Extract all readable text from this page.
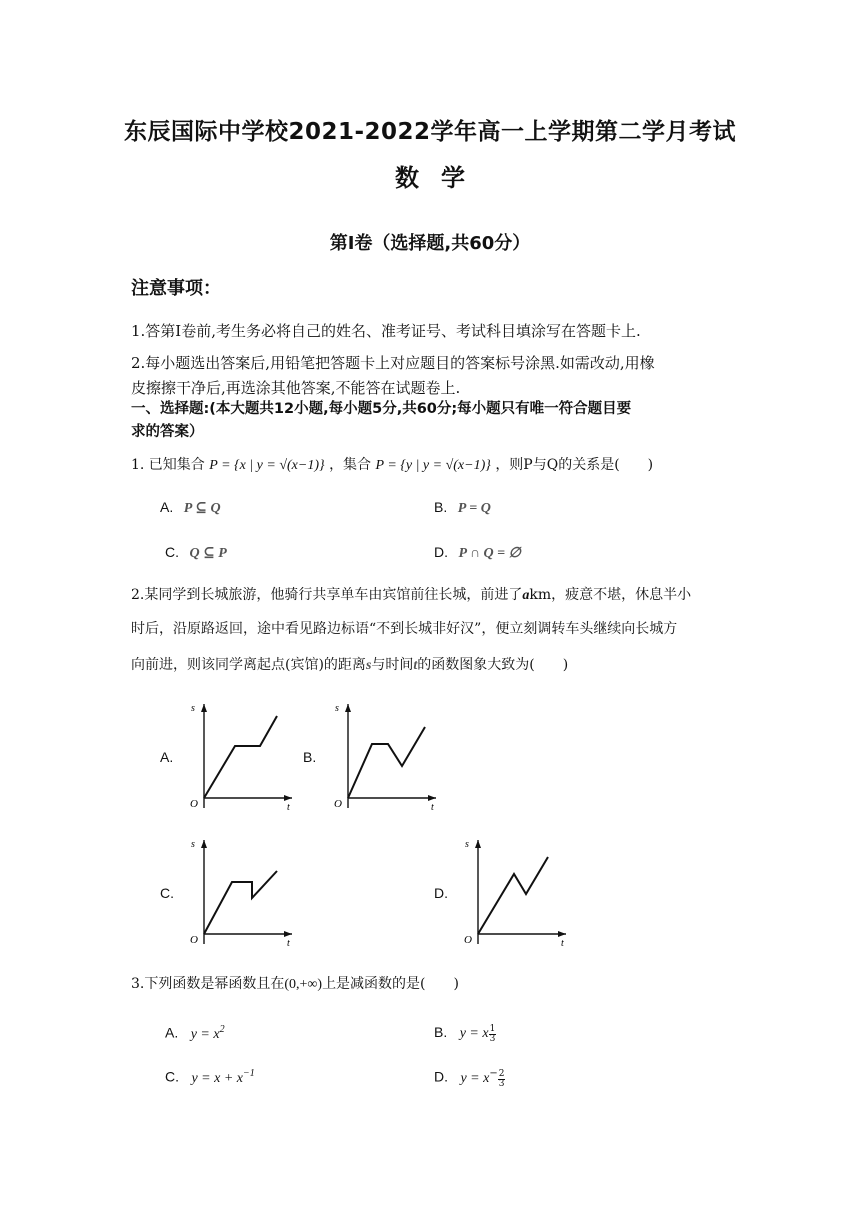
东辰国际中学校2021-2022学年高一上学期第二学月考试
数学
第Ⅰ卷（选择题,共60分）
注意事项：
1.答第Ⅰ卷前,考生务必将自己的姓名、准考证号、考试科目填涂写在答题卡上.
2.每小题选出答案后,用铅笔把答题卡上对应题目的答案标号涂黑.如需改动,用橡
皮擦擦干净后,再选涂其他答案,不能答在试题卷上.
一、选择题:(本大题共12小题,每小题5分,共60分;每小题只有唯一符合题目要
求的答案）
1. 已知集合 P = {x | y = √(x−1)} ，集合 P = {y | y = √(x−1)} ，则P与Q的关系是(　　)
A. P ⊆ Q	B. P = Q
C. Q ⊆ P	D. P ∩ Q = ∅
2.某同学到长城旅游，他骑行共享单车由宾馆前往长城，前进了akm，疲意不堪，休息半小
时后，沿原路返回，途中看见路边标语“不到长城非好汉”，便立刻调转车头继续向长城方
向前进，则该同学离起点(宾馆)的距离s与时间t的函数图象大致为(　　)
A.	B.
C.	D.
s
t
O
s
t
O
s
t
O
s
t
O
3.下列函数是幂函数且在(0,+∞)上是减函数的是(　　)
A. $y = x^2$	B. y = x $\frac{1}{3}$
C. $y = x + x^{-1}$	D. $y = x^- \frac{2}{3}$
